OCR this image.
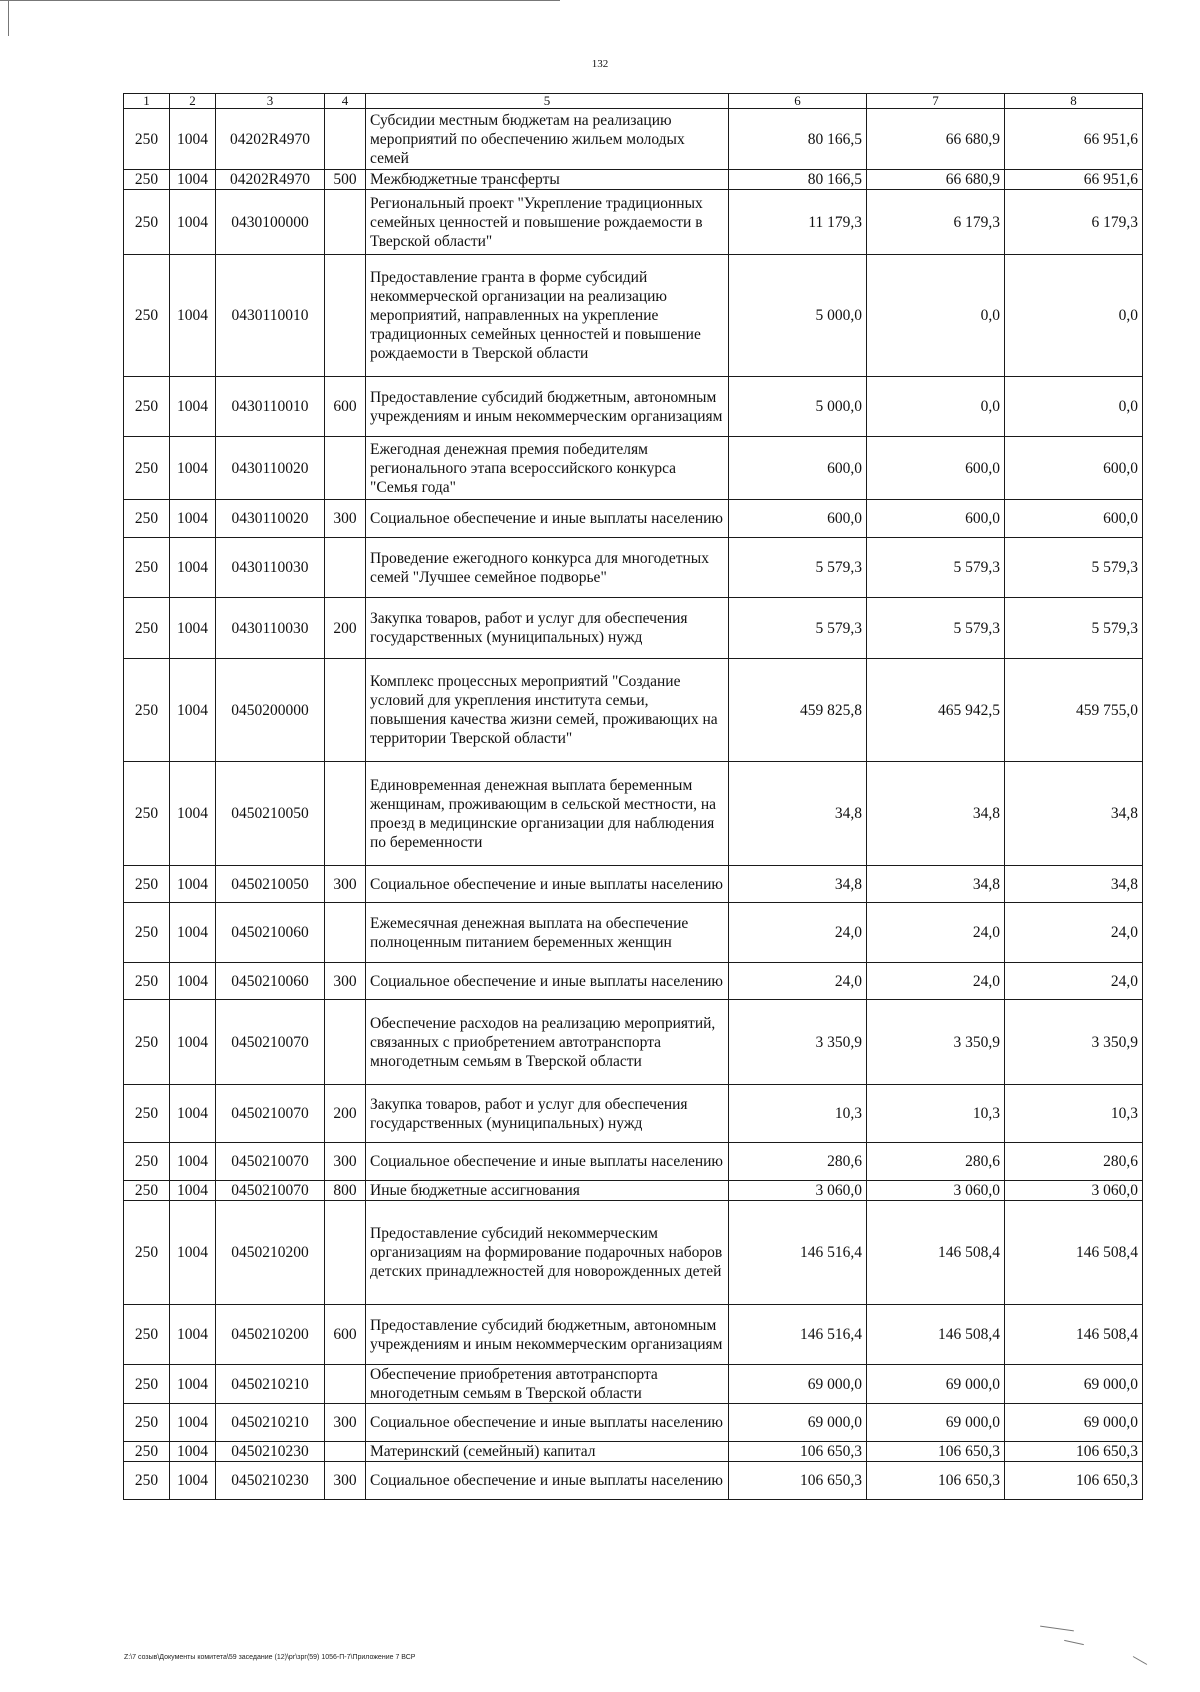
132
1	2	3	4	5	6	7	8
250	1004	04202R4970		Субсидии местным бюджетам на реализацию мероприятий по обеспечению жильем молодых семей	80 166,5	66 680,9	66 951,6
250	1004	04202R4970	500	Межбюджетные трансферты	80 166,5	66 680,9	66 951,6
250	1004	0430100000		Региональный проект "Укрепление традиционных семейных ценностей и повышение рождаемости в Тверской области"	11 179,3	6 179,3	6 179,3
250	1004	0430110010		Предоставление гранта в форме субсидий некоммерческой организации на реализацию мероприятий, направленных на укрепление традиционных семейных ценностей и повышение рождаемости в Тверской области	5 000,0	0,0	0,0
250	1004	0430110010	600	Предоставление субсидий бюджетным, автономным учреждениям и иным некоммерческим организациям	5 000,0	0,0	0,0
250	1004	0430110020		Ежегодная денежная премия победителям регионального этапа всероссийского конкурса "Семья года"	600,0	600,0	600,0
250	1004	0430110020	300	Социальное обеспечение и иные выплаты населению	600,0	600,0	600,0
250	1004	0430110030		Проведение ежегодного конкурса для многодетных семей "Лучшее семейное подворье"	5 579,3	5 579,3	5 579,3
250	1004	0430110030	200	Закупка товаров, работ и услуг для обеспечения государственных (муниципальных) нужд	5 579,3	5 579,3	5 579,3
250	1004	0450200000		Комплекс процессных мероприятий "Создание условий для укрепления института семьи, повышения качества жизни семей, проживающих на территории Тверской области"	459 825,8	465 942,5	459 755,0
250	1004	0450210050		Единовременная денежная выплата беременным женщинам, проживающим в сельской местности, на проезд в медицинские организации для наблюдения по беременности	34,8	34,8	34,8
250	1004	0450210050	300	Социальное обеспечение и иные выплаты населению	34,8	34,8	34,8
250	1004	0450210060		Ежемесячная денежная выплата на обеспечение полноценным питанием беременных женщин	24,0	24,0	24,0
250	1004	0450210060	300	Социальное обеспечение и иные выплаты населению	24,0	24,0	24,0
250	1004	0450210070		Обеспечение расходов на реализацию мероприятий, связанных с приобретением автотранспорта многодетным семьям в Тверской области	3 350,9	3 350,9	3 350,9
250	1004	0450210070	200	Закупка товаров, работ и услуг для обеспечения государственных (муниципальных) нужд	10,3	10,3	10,3
250	1004	0450210070	300	Социальное обеспечение и иные выплаты населению	280,6	280,6	280,6
250	1004	0450210070	800	Иные бюджетные ассигнования	3 060,0	3 060,0	3 060,0
250	1004	0450210200		Предоставление субсидий некоммерческим организациям на формирование подарочных наборов детских принадлежностей для новорожденных детей	146 516,4	146 508,4	146 508,4
250	1004	0450210200	600	Предоставление субсидий бюджетным, автономным учреждениям и иным некоммерческим организациям	146 516,4	146 508,4	146 508,4
250	1004	0450210210		Обеспечение приобретения автотранспорта многодетным семьям в Тверской области	69 000,0	69 000,0	69 000,0
250	1004	0450210210	300	Социальное обеспечение и иные выплаты населению	69 000,0	69 000,0	69 000,0
250	1004	0450210230		Материнский (семейный) капитал	106 650,3	106 650,3	106 650,3
250	1004	0450210230	300	Социальное обеспечение и иные выплаты населению	106 650,3	106 650,3	106 650,3
Z:\7 созыв\Документы комитета\59 заседание (12)\рг\зрг(59) 1056-П-7\Приложение 7 ВСР
